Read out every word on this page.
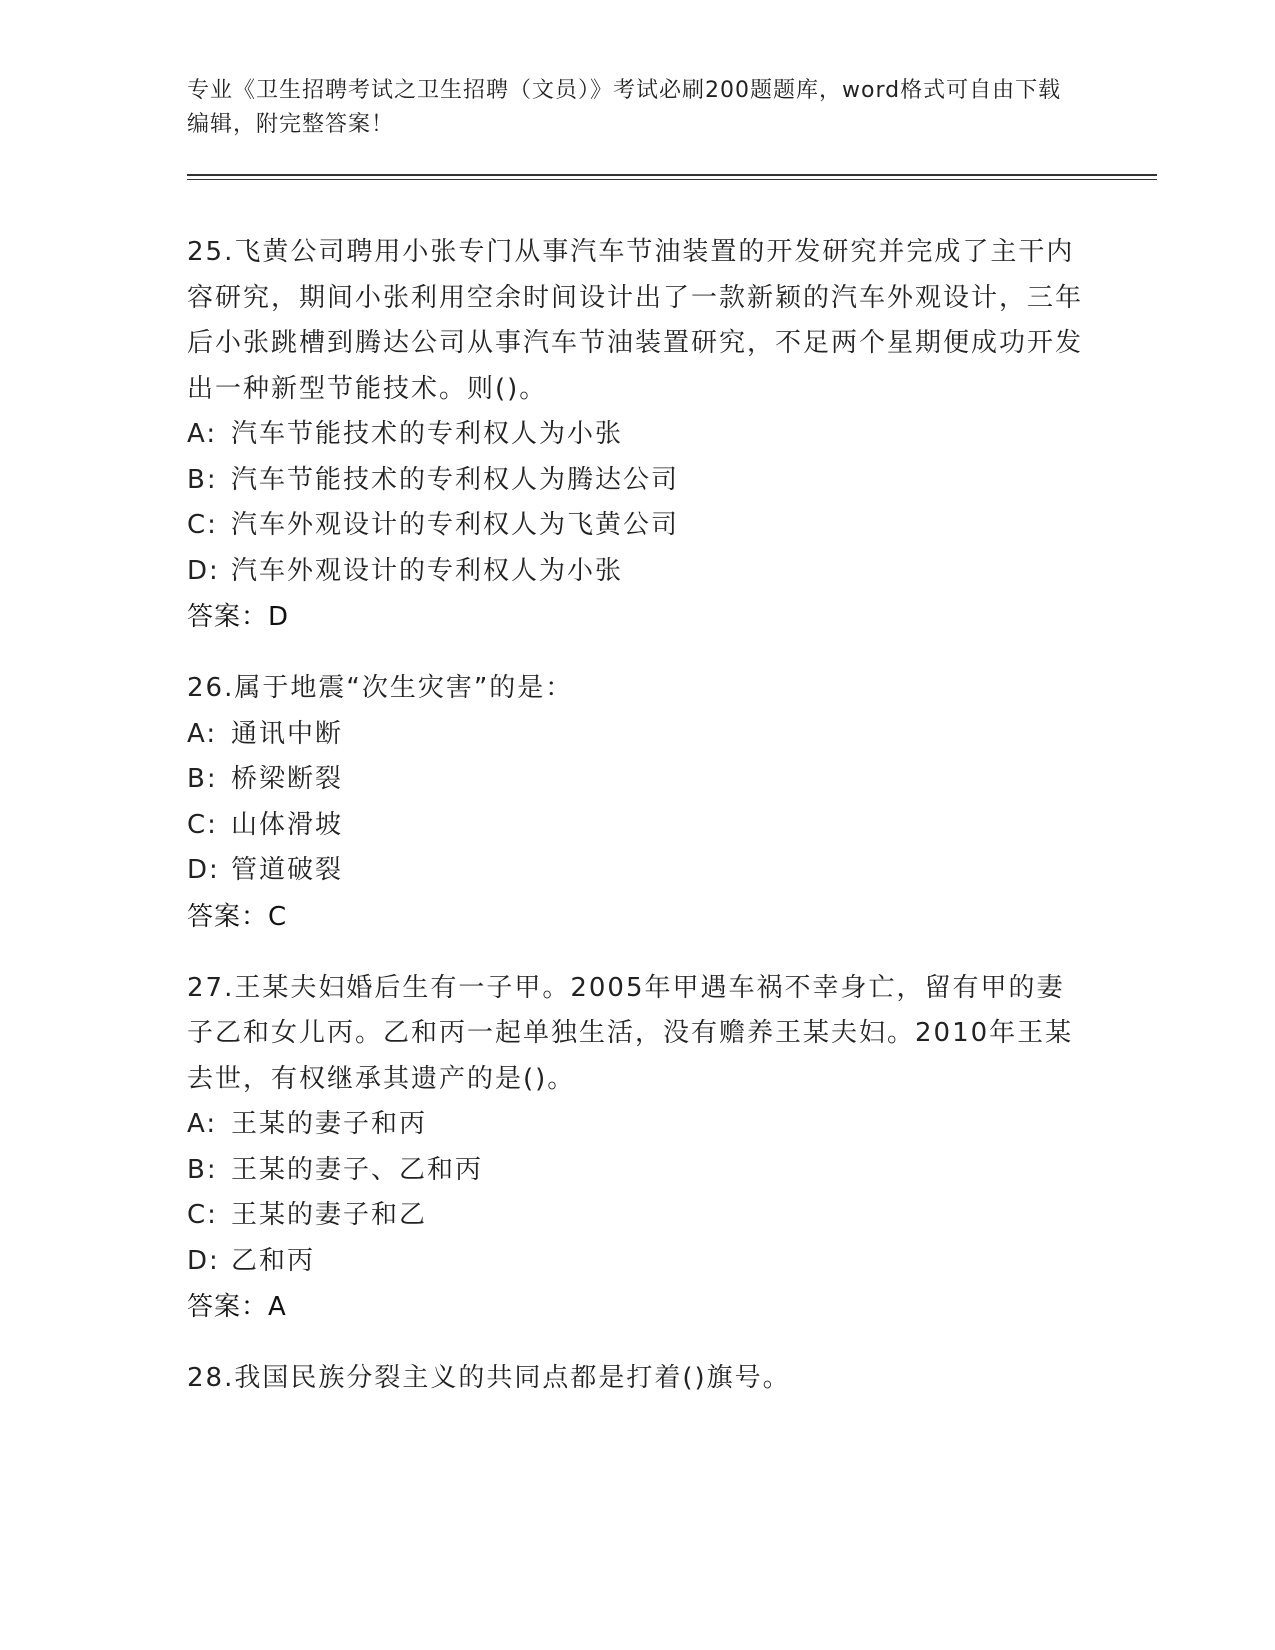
专业《卫生招聘考试之卫生招聘（文员）》考试必刷200题题库，word格式可自由下载编辑，附完整答案！

25.飞黄公司聘用小张专门从事汽车节油装置的开发研究并完成了主干内容研究，期间小张利用空余时间设计出了一款新颖的汽车外观设计，三年后小张跳槽到腾达公司从事汽车节油装置研究，不足两个星期便成功开发出一种新型节能技术。则()。

A: 汽车节能技术的专利权人为小张
B: 汽车节能技术的专利权人为腾达公司
C: 汽车外观设计的专利权人为飞黄公司
D: 汽车外观设计的专利权人为小张

答案：D

26.属于地震“次生灾害”的是：

A: 通讯中断
B: 桥梁断裂
C: 山体滑坡
D: 管道破裂

答案：C

27.王某夫妇婚后生有一子甲。2005年甲遇车祸不幸身亡，留有甲的妻子乙和女儿丙。乙和丙一起单独生活，没有赡养王某夫妇。2010年王某去世，有权继承其遗产的是()。

A: 王某的妻子和丙
B: 王某的妻子、乙和丙
C: 王某的妻子和乙
D: 乙和丙

答案：A

28.我国民族分裂主义的共同点都是打着()旗号。
